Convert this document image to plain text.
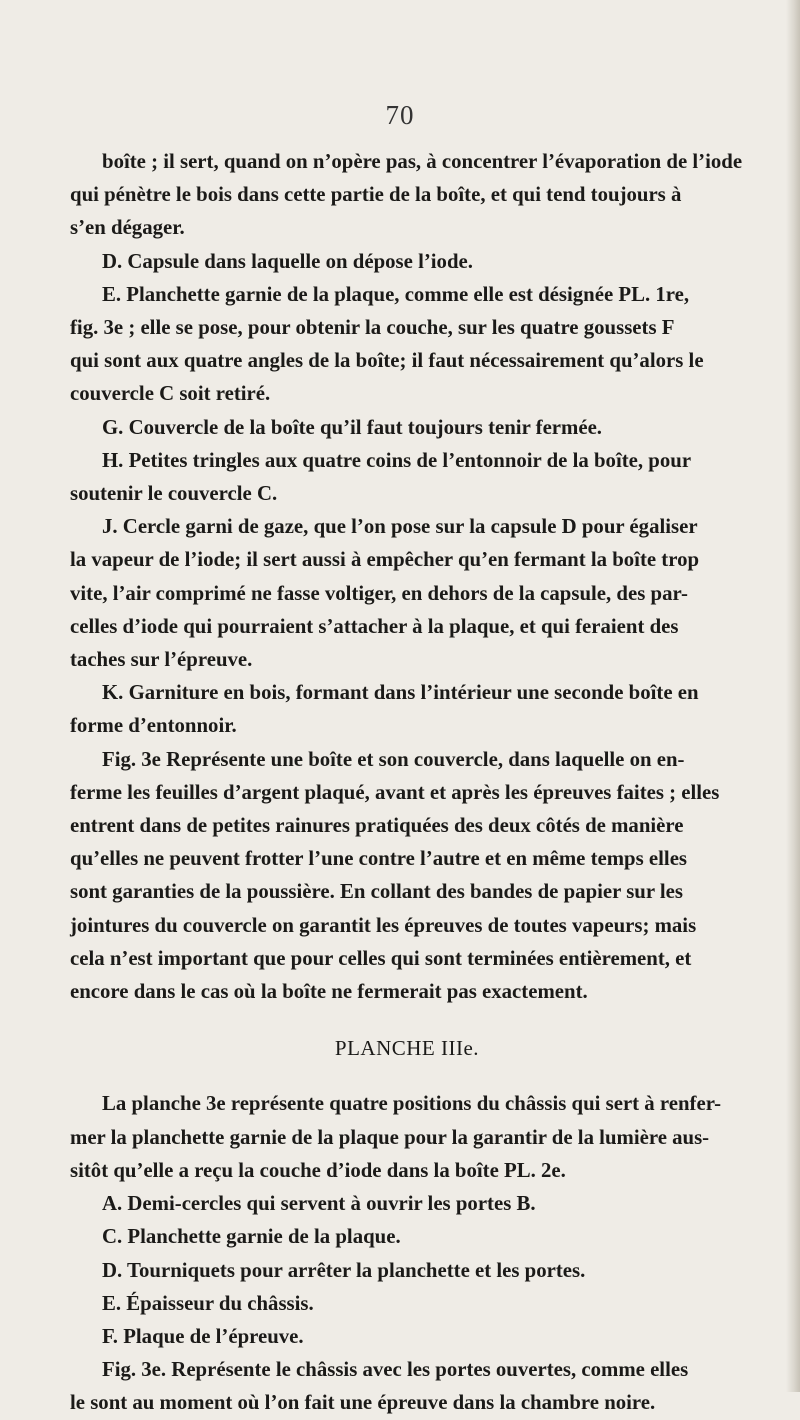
70

boîte ; il sert, quand on n’opère pas, à concentrer l’évaporation de l’iode
qui pénètre le bois dans cette partie de la boîte, et qui tend toujours à
s’en dégager.

D. Capsule dans laquelle on dépose l’iode.

E. Planchette garnie de la plaque, comme elle est désignée PL. 1re,
fig. 3e ; elle se pose, pour obtenir la couche, sur les quatre goussets F
qui sont aux quatre angles de la boîte; il faut nécessairement qu’alors le
couvercle C soit retiré.

G. Couvercle de la boîte qu’il faut toujours tenir fermée.

H. Petites tringles aux quatre coins de l’entonnoir de la boîte, pour
soutenir le couvercle C.

J. Cercle garni de gaze, que l’on pose sur la capsule D pour égaliser
la vapeur de l’iode; il sert aussi à empêcher qu’en fermant la boîte trop
vite, l’air comprimé ne fasse voltiger, en dehors de la capsule, des par-
celles d’iode qui pourraient s’attacher à la plaque, et qui feraient des
taches sur l’épreuve.

K. Garniture en bois, formant dans l’intérieur une seconde boîte en
forme d’entonnoir.

Fig. 3e Représente une boîte et son couvercle, dans laquelle on en-
ferme les feuilles d’argent plaqué, avant et après les épreuves faites ; elles
entrent dans de petites rainures pratiquées des deux côtés de manière
qu’elles ne peuvent frotter l’une contre l’autre et en même temps elles
sont garanties de la poussière. En collant des bandes de papier sur les
jointures du couvercle on garantit les épreuves de toutes vapeurs; mais
cela n’est important que pour celles qui sont terminées entièrement, et
encore dans le cas où la boîte ne fermerait pas exactement.

PLANCHE IIIe.

La planche 3e représente quatre positions du châssis qui sert à renfer-
mer la planchette garnie de la plaque pour la garantir de la lumière aus-
sitôt qu’elle a reçu la couche d’iode dans la boîte PL. 2e.

A. Demi-cercles qui servent à ouvrir les portes B.

C. Planchette garnie de la plaque.

D. Tourniquets pour arrêter la planchette et les portes.

E. Épaisseur du châssis.

F. Plaque de l’épreuve.

Fig. 3e. Représente le châssis avec les portes ouvertes, comme elles
le sont au moment où l’on fait une épreuve dans la chambre noire.
